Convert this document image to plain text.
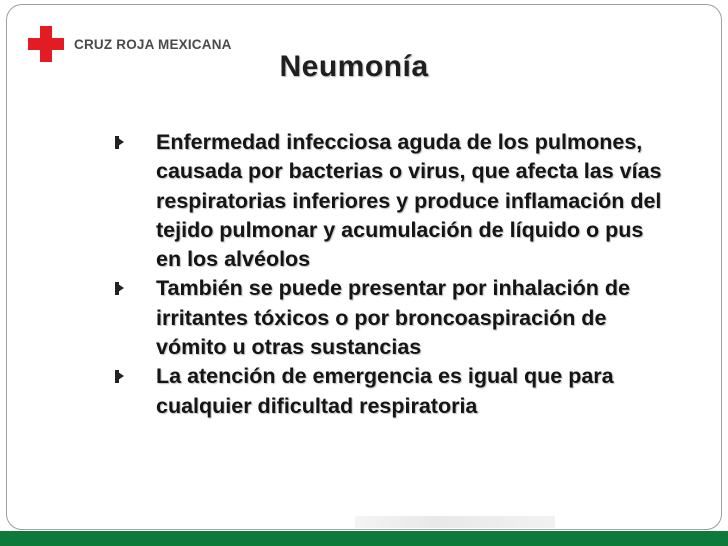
CRUZ ROJA MEXICANA
Neumonía
Enfermedad infecciosa aguda de los pulmones, causada por bacterias o virus, que afecta las vías respiratorias inferiores y produce inflamación del tejido pulmonar y acumulación de líquido o pus en los alvéolos
También se puede presentar por inhalación de irritantes tóxicos o por broncoaspiración de vómito u otras sustancias
La atención de emergencia es igual que para cualquier dificultad respiratoria
